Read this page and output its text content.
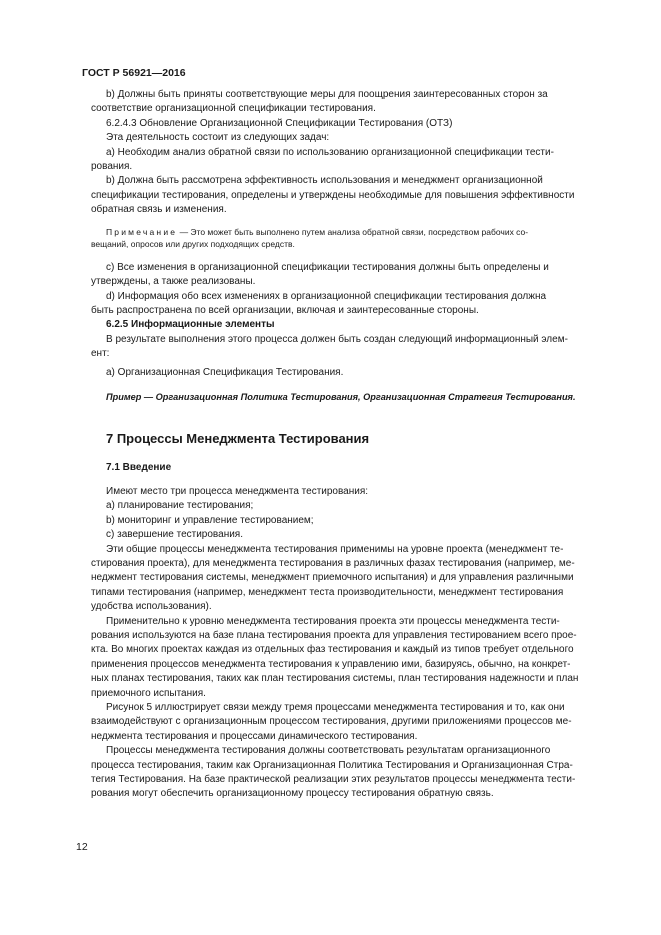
ГОСТ Р 56921—2016

b) Должны быть приняты соответствующие меры для поощрения заинтересованных сторон за

соответствие организационной спецификации тестирования.

6.2.4.3 Обновление Организационной Спецификации Тестирования (ОТЗ)

Эта деятельность состоит из следующих задач:

а) Необходим анализ обратной связи по использованию организационной спецификации тести-

рования.

b) Должна быть рассмотрена эффективность использования и менеджмент организационной

спецификации тестирования, определены и утверждены необходимые для повышения эффективности

обратная связь и изменения.

Примечание — Это может быть выполнено путем анализа обратной связи, посредством рабочих со-
вещаний, опросов или других подходящих средств.

c) Все изменения в организационной спецификации тестирования должны быть определены и

утверждены, а также реализованы.

d) Информация обо всех изменениях в организационной спецификации тестирования должна

быть распространена по всей организации, включая и заинтересованные стороны.

6.2.5 Информационные элементы

В результате выполнения этого процесса должен быть создан следующий информационный элем-

ент:

а) Организационная Спецификация Тестирования.

Пример — Организационная Политика Тестирования, Организационная Стратегия Тестирования.

7 Процессы Менеджмента Тестирования

7.1 Введение

Имеют место три процесса менеджмента тестирования:

а) планирование тестирования;

b) мониторинг и управление тестированием;

c) завершение тестирования.

Эти общие процессы менеджмента тестирования применимы на уровне проекта (менеджмент те-

стирования проекта), для менеджмента тестирования в различных фазах тестирования (например, ме-

неджмент тестирования системы, менеджмент приемочного испытания) и для управления различными

типами тестирования (например, менеджмент теста производительности, менеджмент тестирования

удобства использования).

Применительно к уровню менеджмента тестирования проекта эти процессы менеджмента тести-

рования используются на базе плана тестирования проекта для управления тестированием всего прое-

кта. Во многих проектах каждая из отдельных фаз тестирования и каждый из типов требует отдельного

применения процессов менеджмента тестирования к управлению ими, базируясь, обычно, на конкрет-

ных планах тестирования, таких как план тестирования системы, план тестирования надежности и план

приемочного испытания.

Рисунок 5 иллюстрирует связи между тремя процессами менеджмента тестирования и то, как они

взаимодействуют с организационным процессом тестирования, другими приложениями процессов ме-

неджмента тестирования и процессами динамического тестирования.

Процессы менеджмента тестирования должны соответствовать результатам организационного

процесса тестирования, таким как Организационная Политика Тестирования и Организационная Стра-

тегия Тестирования. На базе практической реализации этих результатов процессы менеджмента тести-

рования могут обеспечить организационному процессу тестирования обратную связь.

12
